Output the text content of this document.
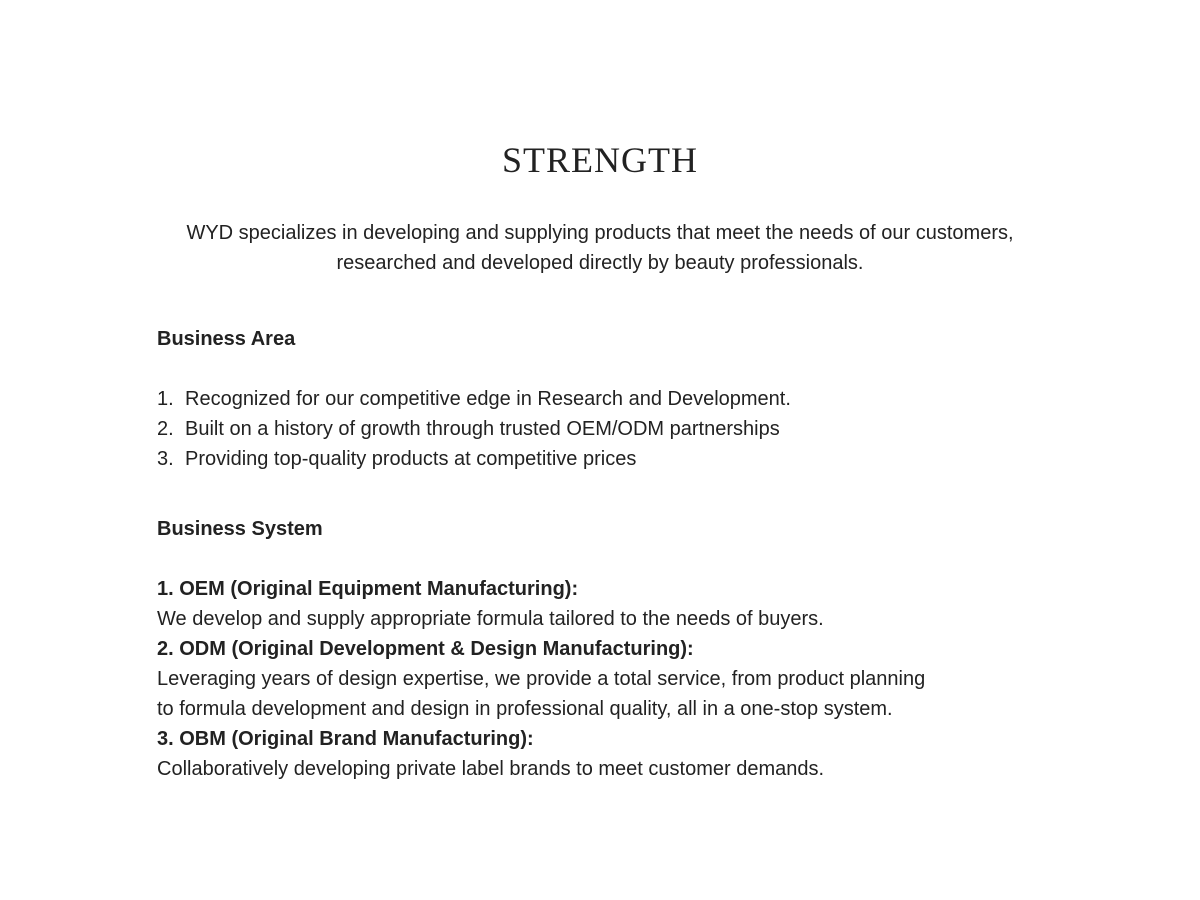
STRENGTH

WYD specializes in developing and supplying products that meet the needs of our customers,
researched and developed directly by beauty professionals.

Business Area
1. Recognized for our competitive edge in Research and Development.
2. Built on a history of growth through trusted OEM/ODM partnerships
3. Providing top-quality products at competitive prices
Business System

1. OEM (Original Equipment Manufacturing):

We develop and supply appropriate formula tailored to the needs of buyers.

2. ODM (Original Development & Design Manufacturing):

Leveraging years of design expertise, we provide a total service, from product planning

to formula development and design in professional quality, all in a one-stop system.

3. OBM (Original Brand Manufacturing):

Collaboratively developing private label brands to meet customer demands.
